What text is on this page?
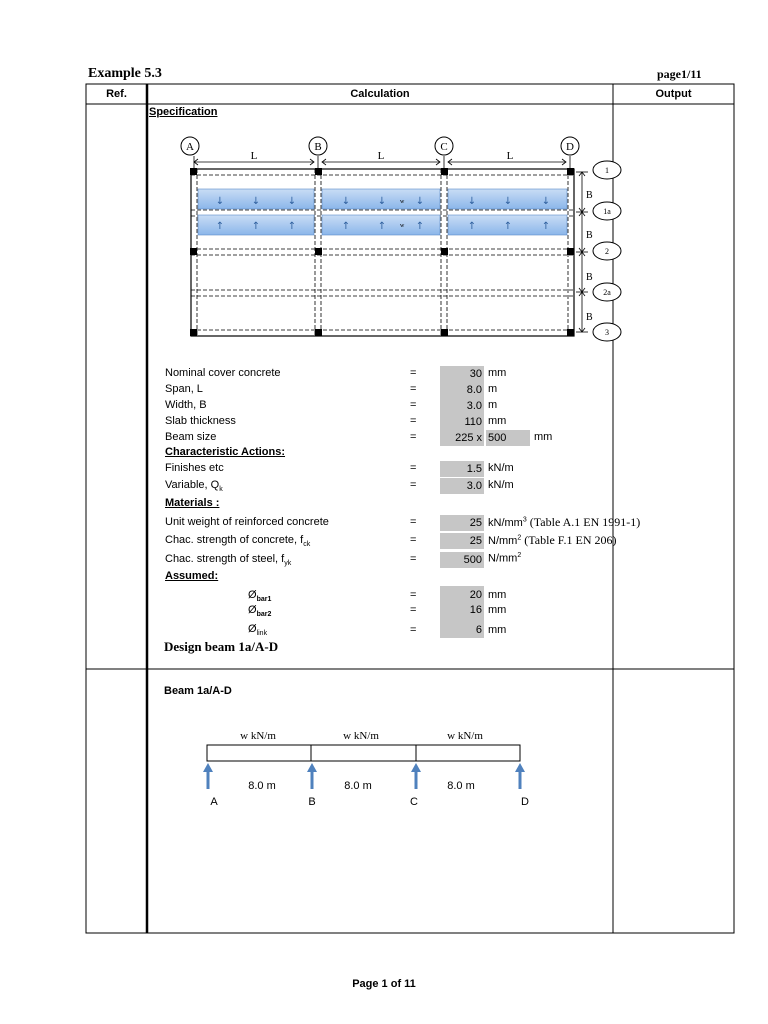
Example 5.3	page1/11
Ref.	Calculation	Output
Specification
A	B	C	D
L	L	L
↓	↓	↓	↓	↓	↓	↓	↓	↓
↑	↑	↑	↑	↑	↑	↑	↑	↑
w
w
B
B
B
B
1
1a
2
2a
3
Nominal cover concrete	=	30 mm
Span, L	=	8.0 m
Width, B	=	3.0 m
Slab thickness	=	110 mm
Beam size	=	225 x 500	mm
Characteristic Actions:
Finishes etc	=	1.5 kN/m
Variable, $Q_k$	=	3.0 kN/m
Materials :
Unit weight of reinforced concrete	=	25 $kN/mm^3$ (Table A.1 EN 1991-1)
Chac. strength of concrete, $f_{ck}$	=	25 $N/mm^2$ (Table F.1 EN 206)
Chac. strength of steel, $f_{yk}$	=	500 $N/mm^2$
Assumed:
$Ø_{bar1}$	=	20 mm
$Ø_{bar2}$	=	16 mm
$Ø_{link}$	=	6 mm
Design beam 1a/A-D
Beam 1a/A-D
w kN/m	w kN/m	w kN/m
8.0 m	8.0 m	8.0 m
A	B	C	D
Page 1 of 11
